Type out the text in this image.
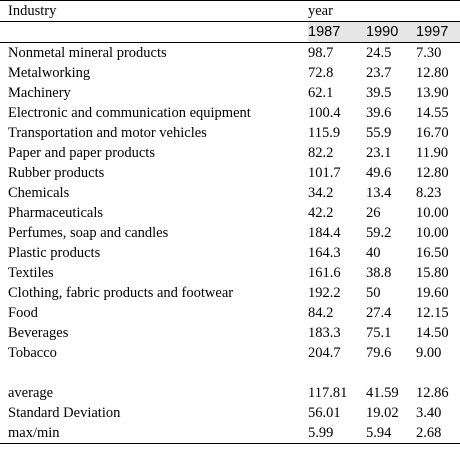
Industry	year		
	1987	1990	1997
Nonmetal mineral products	98.7	24.5	7.30
Metalworking	72.8	23.7	12.80
Machinery	62.1	39.5	13.90
Electronic and communication equipment	100.4	39.6	14.55
Transportation and motor vehicles	115.9	55.9	16.70
Paper and paper products	82.2	23.1	11.90
Rubber products	101.7	49.6	12.80
Chemicals	34.2	13.4	8.23
Pharmaceuticals	42.2	26	10.00
Perfumes, soap and candles	184.4	59.2	10.00
Plastic products	164.3	40	16.50
Textiles	161.6	38.8	15.80
Clothing, fabric products and footwear	192.2	50	19.60
Food	84.2	27.4	12.15
Beverages	183.3	75.1	14.50
Tobacco	204.7	79.6	9.00

average	117.81	41.59	12.86
Standard Deviation	56.01	19.02	3.40
max/min	5.99	5.94	2.68
